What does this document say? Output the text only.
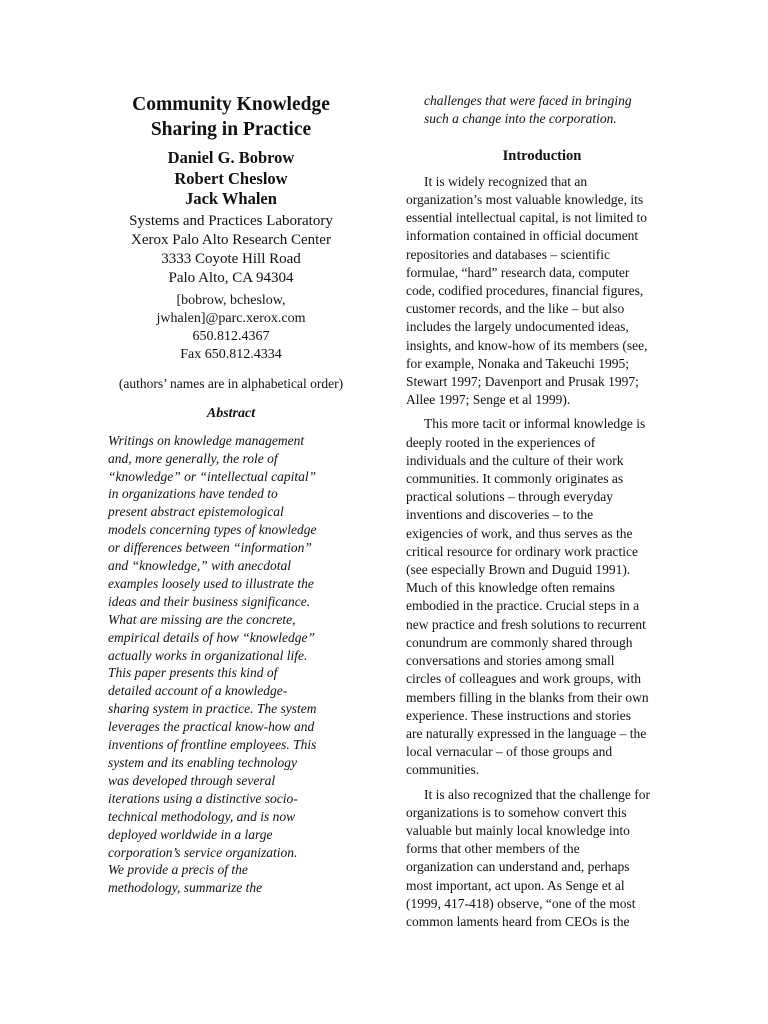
Community Knowledge
Sharing in Practice
Daniel G. Bobrow
Robert Cheslow
Jack Whalen
Systems and Practices Laboratory
Xerox Palo Alto Research Center
3333 Coyote Hill Road
Palo Alto, CA 94304
[bobrow, bcheslow,
jwhalen]@parc.xerox.com
650.812.4367
Fax 650.812.4334
(authors’ names are in alphabetical order)
Abstract
Writings on knowledge management
and, more generally, the role of
“knowledge” or “intellectual capital”
in organizations have tended to
present abstract epistemological
models concerning types of knowledge
or differences between “information”
and “knowledge,” with anecdotal
examples loosely used to illustrate the
ideas and their business significance.
What are missing are the concrete,
empirical details of how “knowledge”
actually works in organizational life.
This paper presents this kind of
detailed account of a knowledge-
sharing system in practice. The system
leverages the practical know-how and
inventions of frontline employees. This
system and its enabling technology
was developed through several
iterations using a distinctive socio-
technical methodology, and is now
deployed worldwide in a large
corporation’s service organization.
We provide a precis of the
methodology, summarize the
challenges that were faced in bringing
such a change into the corporation.
Introduction
It is widely recognized that an
organization’s most valuable knowledge, its
essential intellectual capital, is not limited to
information contained in official document
repositories and databases – scientific
formulae, “hard” research data, computer
code, codified procedures, financial figures,
customer records, and the like – but also
includes the largely undocumented ideas,
insights, and know-how of its members (see,
for example, Nonaka and Takeuchi 1995;
Stewart 1997; Davenport and Prusak 1997;
Allee 1997; Senge et al 1999).
This more tacit or informal knowledge is
deeply rooted in the experiences of
individuals and the culture of their work
communities. It commonly originates as
practical solutions – through everyday
inventions and discoveries – to the
exigencies of work, and thus serves as the
critical resource for ordinary work practice
(see especially Brown and Duguid 1991).
Much of this knowledge often remains
embodied in the practice. Crucial steps in a
new practice and fresh solutions to recurrent
conundrum are commonly shared through
conversations and stories among small
circles of colleagues and work groups, with
members filling in the blanks from their own
experience. These instructions and stories
are naturally expressed in the language – the
local vernacular – of those groups and
communities.
It is also recognized that the challenge for
organizations is to somehow convert this
valuable but mainly local knowledge into
forms that other members of the
organization can understand and, perhaps
most important, act upon. As Senge et al
(1999, 417-418) observe, “one of the most
common laments heard from CEOs is the
